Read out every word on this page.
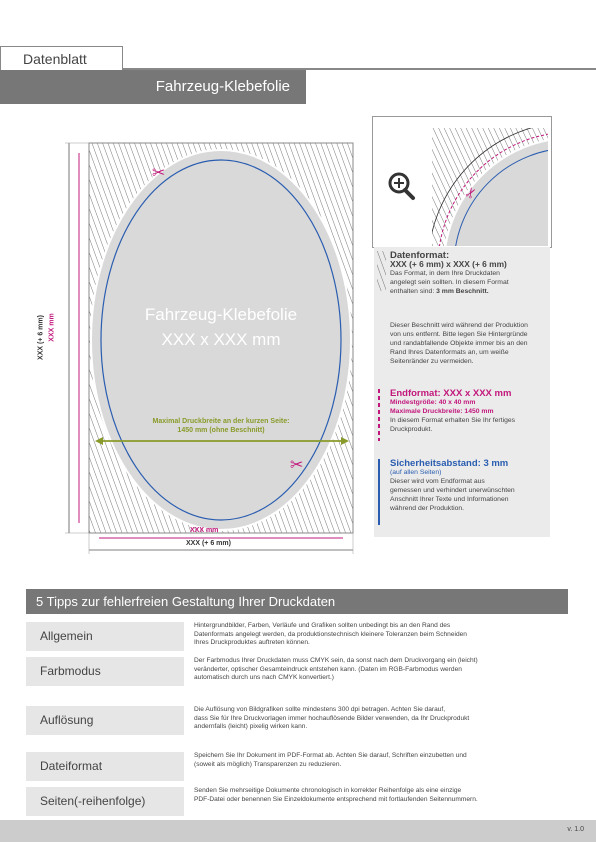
Datenblatt
Fahrzeug-Klebefolie
✂
✂
Fahrzeug-Klebefolie
XXX x XXX mm
Maximal Druckbreite an der kurzen Seite:
1450 mm (ohne Beschnitt)
XXX mm
XXX (+ 6 mm)
XXX (+ 6 mm) XXX mm
✂
Datenformat:
XXX (+ 6 mm) x XXX (+ 6 mm)
Das Format, in dem Ihre Druckdaten
angelegt sein sollten. In diesem Format
enthalten sind: 3 mm Beschnitt.
Dieser Beschnitt wird während der Produktion
von uns entfernt. Bitte legen Sie Hintergründe
und randabfallende Objekte immer bis an den
Rand Ihres Datenformats an, um weiße
Seitenränder zu vermeiden.
Endformat: XXX x XXX mm
Mindestgröße: 40 x 40 mm
Maximale Druckbreite: 1450 mm
In diesem Format erhalten Sie Ihr fertiges
Druckprodukt.
Sicherheitsabstand: 3 mm
(auf allen Seiten)
Dieser wird vom Endformat aus
gemessen und verhindert unerwünschten
Anschnitt Ihrer Texte und Informationen
während der Produktion.
5 Tipps zur fehlerfreien Gestaltung Ihrer Druckdaten
Allgemein
Hintergrundbilder, Farben, Verläufe und Grafiken sollten unbedingt bis an den Rand des
Datenformats angelegt werden, da produktionstechnisch kleinere Toleranzen beim Schneiden
Ihres Druckproduktes auftreten können.
Farbmodus
Der Farbmodus Ihrer Druckdaten muss CMYK sein, da sonst nach dem Druckvorgang ein (leicht)
veränderter, optischer Gesamteindruck entstehen kann. (Daten im RGB-Farbmodus werden
automatisch durch uns nach CMYK konvertiert.)
Auflösung
Die Auflösung von Bildgrafiken sollte mindestens 300 dpi betragen. Achten Sie darauf,
dass Sie für Ihre Druckvorlagen immer hochauflösende Bilder verwenden, da Ihr Druckprodukt
andernfalls (leicht) pixelig wirken kann.
Dateiformat
Speichern Sie Ihr Dokument im PDF-Format ab. Achten Sie darauf, Schriften einzubetten und
(soweit als möglich) Transparenzen zu reduzieren.
Seiten(-reihenfolge)
Senden Sie mehrseitige Dokumente chronologisch in korrekter Reihenfolge als eine einzige
PDF-Datei oder benennen Sie Einzeldokumente entsprechend mit fortlaufenden Seitennummern.
v. 1.0
